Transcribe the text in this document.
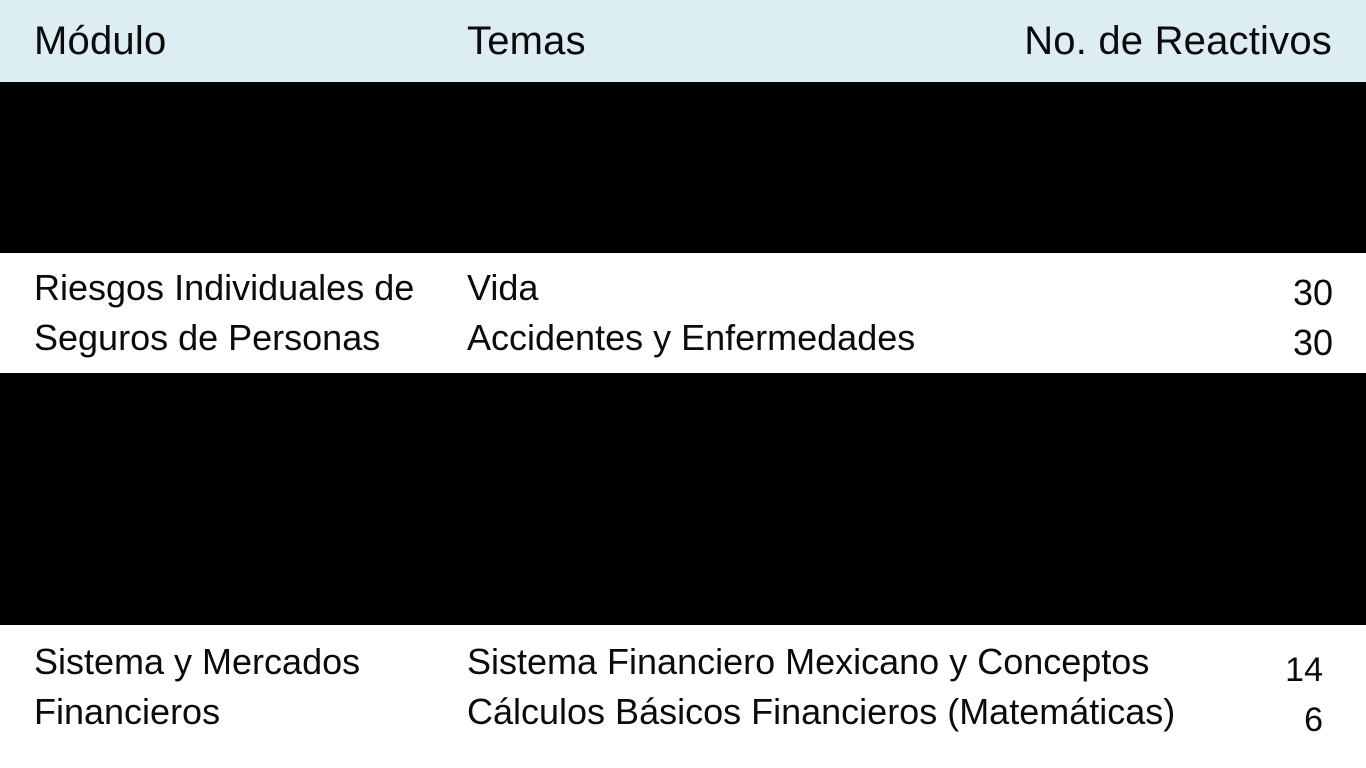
Módulo	Temas	No. de Reactivos
Riesgos Individuales de Seguros de Personas
Vida
Accidentes y Enfermedades
30
30
Sistema y Mercados Financieros
Sistema Financiero Mexicano y Conceptos
Cálculos Básicos Financieros (Matemáticas)
14
6
